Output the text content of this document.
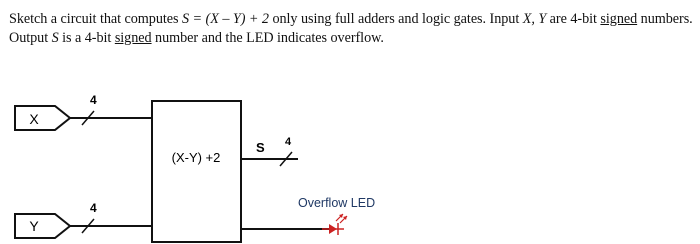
Sketch a circuit that computes S = (X – Y) + 2 only using full adders and logic gates. Input X, Y are 4-bit signed numbers.
Output S is a 4-bit signed number and the LED indicates overflow.
X
4
Y
4
(X-Y) +2
S 4
Overflow LED
